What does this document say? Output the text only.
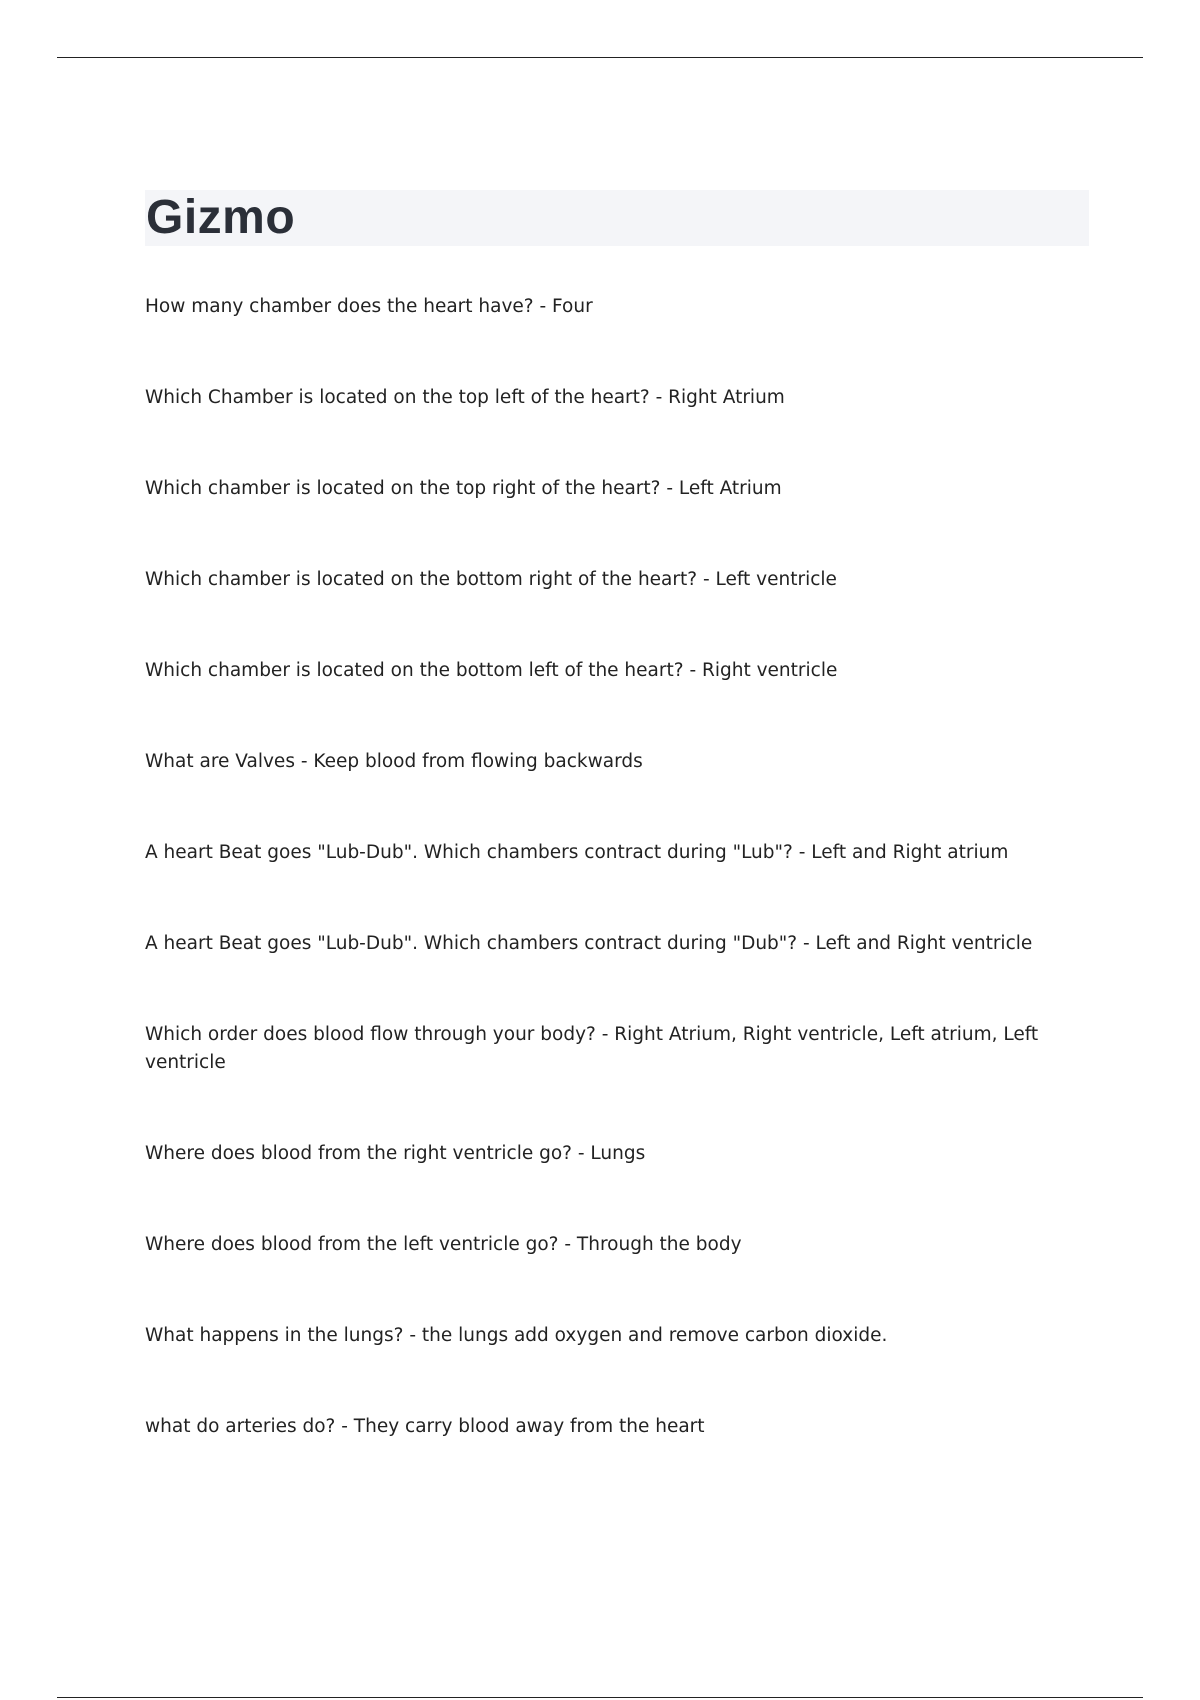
Gizmo
How many chamber does the heart have? - Four
Which Chamber is located on the top left of the heart? - Right Atrium
Which chamber is located on the top right of the heart? - Left Atrium
Which chamber is located on the bottom right of the heart? - Left ventricle
Which chamber is located on the bottom left of the heart? - Right ventricle
What are Valves - Keep blood from flowing backwards
A heart Beat goes "Lub-Dub". Which chambers contract during "Lub"? - Left and Right atrium
A heart Beat goes "Lub-Dub". Which chambers contract during "Dub"? - Left and Right ventricle
Which order does blood flow through your body? - Right Atrium, Right ventricle, Left atrium, Left ventricle
Where does blood from the right ventricle go? - Lungs
Where does blood from the left ventricle go? - Through the body
What happens in the lungs? - the lungs add oxygen and remove carbon dioxide.
what do arteries do? - They carry blood away from the heart
